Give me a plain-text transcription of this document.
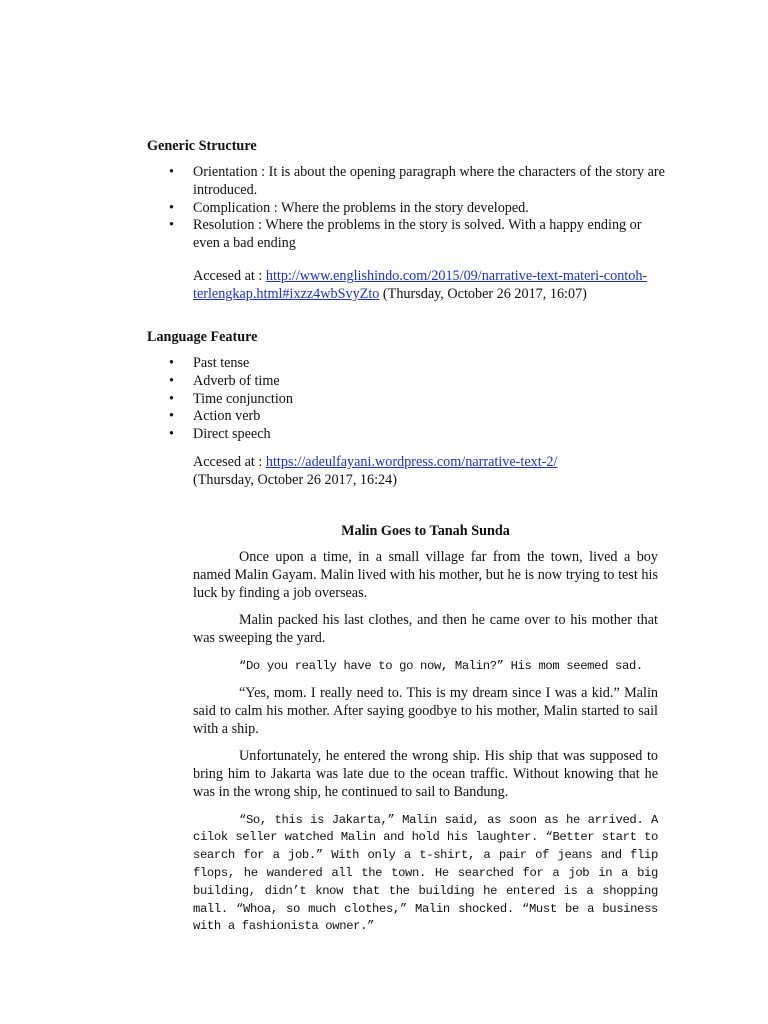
Generic Structure
• Orientation : It is about the opening paragraph where the characters of the story are introduced.
• Complication : Where the problems in the story developed.
• Resolution : Where the problems in the story is solved. With a happy ending or even a bad ending
Accesed at : http://www.englishindo.com/2015/09/narrative-text-materi-contoh-terlengkap.html#ixzz4wbSvyZto (Thursday, October 26 2017, 16:07)
Language Feature
• Past tense
• Adverb of time
• Time conjunction
• Action verb
• Direct speech
Accesed at : https://adeulfayani.wordpress.com/narrative-text-2/
(Thursday, October 26 2017, 16:24)
Malin Goes to Tanah Sunda

Once upon a time, in a small village far from the town, lived a boy named Malin Gayam. Malin lived with his mother, but he is now trying to test his luck by finding a job overseas.

Malin packed his last clothes, and then he came over to his mother that was sweeping the yard.

“Do you really have to go now, Malin?” His mom seemed sad.

“Yes, mom. I really need to. This is my dream since I was a kid.” Malin said to calm his mother. After saying goodbye to his mother, Malin started to sail with a ship.

Unfortunately, he entered the wrong ship. His ship that was supposed to bring him to Jakarta was late due to the ocean traffic. Without knowing that he was in the wrong ship, he continued to sail to Bandung.

“So, this is Jakarta,” Malin said, as soon as he arrived. A cilok seller watched Malin and hold his laughter. “Better start to search for a job.” With only a t-shirt, a pair of jeans and flip flops, he wandered all the town. He searched for a job in a big building, didn’t know that the building he entered is a shopping mall. “Whoa, so much clothes,” Malin shocked. “Must be a business with a fashionista owner.”
